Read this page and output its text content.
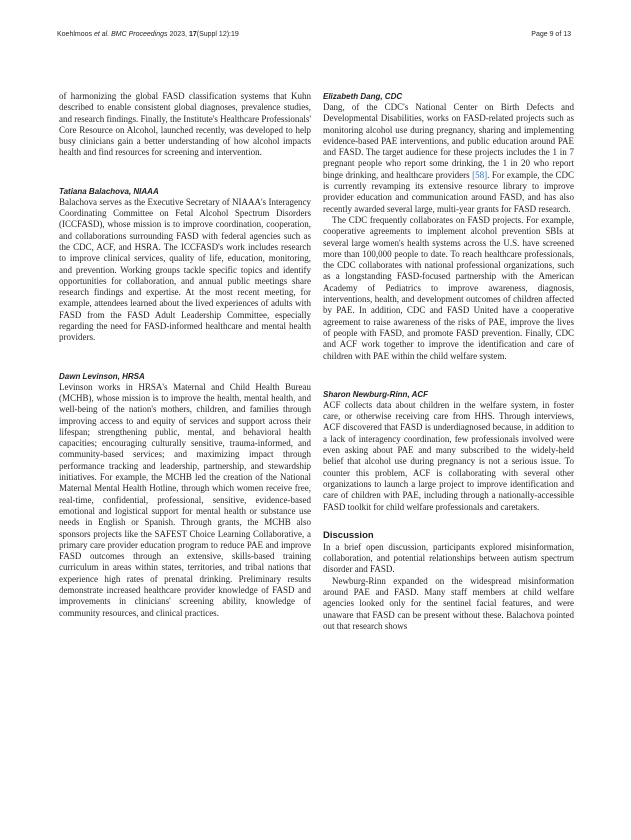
Koehlmoos et al. BMC Proceedings 2023, 17(Suppl 12):19	Page 9 of 13

of harmonizing the global FASD classification systems that Kuhn described to enable consistent global diagnoses, prevalence studies, and research findings. Finally, the Institute's Healthcare Professionals' Core Resource on Alcohol, launched recently, was developed to help busy clinicians gain a better understanding of how alcohol impacts health and find resources for screening and intervention.

Tatiana Balachova, NIAAA

Balachova serves as the Executive Secretary of NIAAA's Interagency Coordinating Committee on Fetal Alcohol Spectrum Disorders (ICCFASD), whose mission is to improve coordination, cooperation, and collaborations surrounding FASD with federal agencies such as the CDC, ACF, and HSRA. The ICCFASD's work includes research to improve clinical services, quality of life, education, monitoring, and prevention. Working groups tackle specific topics and identify opportunities for collaboration, and annual public meetings share research findings and expertise. At the most recent meeting, for example, attendees learned about the lived experiences of adults with FASD from the FASD Adult Leadership Committee, especially regarding the need for FASD-informed healthcare and mental health providers.

Dawn Levinson, HRSA

Levinson works in HRSA's Maternal and Child Health Bureau (MCHB), whose mission is to improve the health, mental health, and well-being of the nation's mothers, children, and families through improving access to and equity of services and support across their lifespan; strengthening public, mental, and behavioral health capacities; encouraging culturally sensitive, trauma-informed, and community-based services; and maximizing impact through performance tracking and leadership, partnership, and stewardship initiatives. For example, the MCHB led the creation of the National Maternal Mental Health Hotline, through which women receive free, real-time, confidential, professional, sensitive, evidence-based emotional and logistical support for mental health or substance use needs in English or Spanish. Through grants, the MCHB also sponsors projects like the SAFEST Choice Learning Collaborative, a primary care provider education program to reduce PAE and improve FASD outcomes through an extensive, skills-based training curriculum in areas within states, territories, and tribal nations that experience high rates of prenatal drinking. Preliminary results demonstrate increased healthcare provider knowledge of FASD and improvements in clinicians' screening ability, knowledge of community resources, and clinical practices.

Elizabeth Dang, CDC

Dang, of the CDC's National Center on Birth Defects and Developmental Disabilities, works on FASD-related projects such as monitoring alcohol use during pregnancy, sharing and implementing evidence-based PAE interventions, and public education around PAE and FASD. The target audience for these projects includes the 1 in 7 pregnant people who report some drinking, the 1 in 20 who report binge drinking, and healthcare providers [58]. For example, the CDC is currently revamping its extensive resource library to improve provider education and communication around FASD, and has also recently awarded several large, multi-year grants for FASD research.

The CDC frequently collaborates on FASD projects. For example, cooperative agreements to implement alcohol prevention SBIs at several large women's health systems across the U.S. have screened more than 100,000 people to date. To reach healthcare professionals, the CDC collaborates with national professional organizations, such as a longstanding FASD-focused partnership with the American Academy of Pediatrics to improve awareness, diagnosis, interventions, health, and development outcomes of children affected by PAE. In addition, CDC and FASD United have a cooperative agreement to raise awareness of the risks of PAE, improve the lives of people with FASD, and promote FASD prevention. Finally, CDC and ACF work together to improve the identification and care of children with PAE within the child welfare system.

Sharon Newburg-Rinn, ACF

ACF collects data about children in the welfare system, in foster care, or otherwise receiving care from HHS. Through interviews, ACF discovered that FASD is underdiagnosed because, in addition to a lack of interagency coordination, few professionals involved were even asking about PAE and many subscribed to the widely-held belief that alcohol use during pregnancy is not a serious issue. To counter this problem, ACF is collaborating with several other organizations to launch a large project to improve identification and care of children with PAE, including through a nationally-accessible FASD toolkit for child welfare professionals and caretakers.

Discussion

In a brief open discussion, participants explored misinformation, collaboration, and potential relationships between autism spectrum disorder and FASD.

Newburg-Rinn expanded on the widespread misinformation around PAE and FASD. Many staff members at child welfare agencies looked only for the sentinel facial features, and were unaware that FASD can be present without these. Balachova pointed out that research shows
